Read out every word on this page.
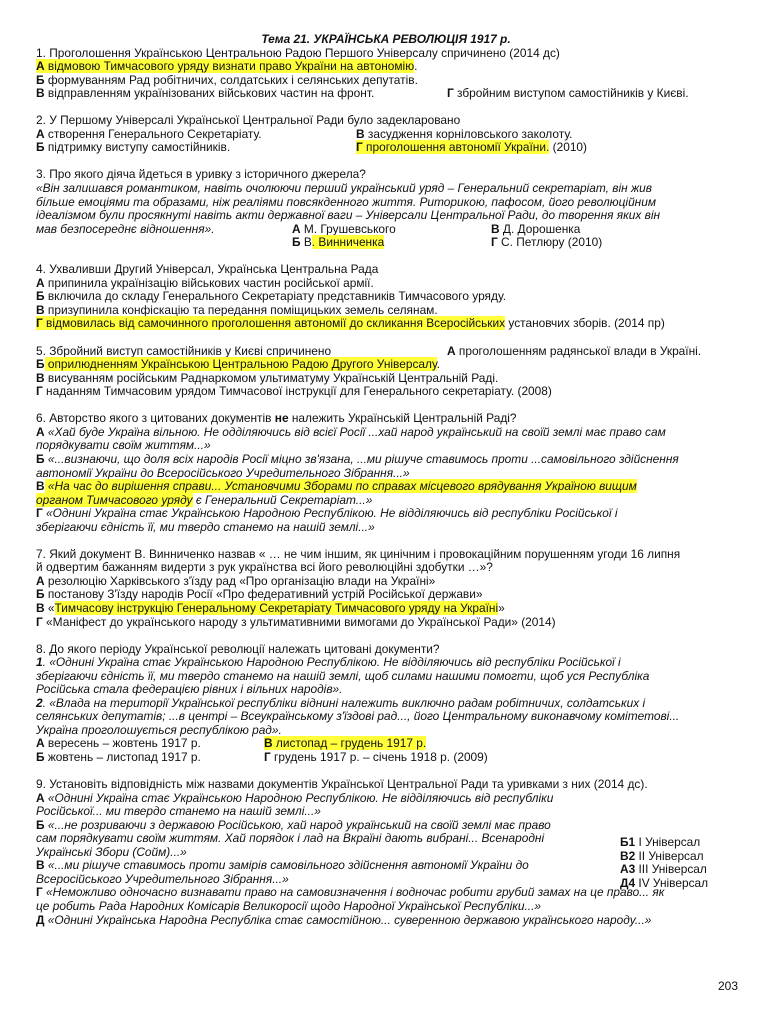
Тема 21. УКРАЇНСЬКА РЕВОЛЮЦІЯ 1917 р.
1. Проголошення Українською Центральною Радою Першого Універсалу спричинено (2014 дс)
А відмовою Тимчасового уряду визнати право України на автономію.
Б формуванням Рад робітничих, солдатських і селянських депутатів.
В відправленням українізованих військових частин на фронт.	Г збройним виступом самостійників у Києві.
2. У Першому Універсалі Української Центральної Ради було задекларовано
А створення Генерального Секретаріату.	В засудження корніловського заколоту.
Б підтримку виступу самостійників.	Г проголошення автономії України. (2010)
3. Про якого діяча йдеться в уривку з історичного джерела?
«Він залишався романтиком, навіть очолюючи перший український уряд – Генеральний секретаріат, він жив
більше емоціями та образами, ніж реаліями повсякденного життя. Риторикою, пафосом, його революційним
ідеалізмом були просякнуті навіть акти державної ваги – Універсали Центральної Ради, до творення яких він
мав безпосереднє відношення».	А М. Грушевського	В Д. Дорошенка
Б В. Винниченка	Г С. Петлюру (2010)
4. Ухваливши Другий Універсал, Українська Центральна Рада
А припинила українізацію військових частин російської армії.
Б включила до складу Генерального Секретаріату представників Тимчасового уряду.
В призупинила конфіскацію та передання поміщицьких земель селянам.
Г відмовилась від самочинного проголошення автономії до скликання Всеросійських установчих зборів. (2014 пр)
5. Збройний виступ самостійників у Києві спричинено	А проголошенням радянської влади в Україні.
Б оприлюдненням Українською Центральною Радою Другого Універсалу.
В висуванням російським Раднаркомом ультиматуму Українській Центральній Раді.
Г наданням Тимчасовим урядом Тимчасової інструкції для Генерального секретаріату. (2008)
6. Авторство якого з цитованих документів не належить Українській Центральній Раді?
А «Хай буде Україна вільною. Не одділяючись від всієї Росії ...хай народ український на своїй землі має право сам
порядкувати своїм життям...»
Б «...визнаючи, що доля всіх народів Росії міцно зв'язана, ...ми рішуче ставимось проти ...самовільного здійснення
автономії України до Всеросійського Учредительного Зібрання...»
В «На час до вирішення справи... Установчими Зборами по справах місцевого врядування Україною вищим
органом Тимчасового уряду є Генеральний Секретаріат...»
Г «Однині Україна стає Українською Народною Республікою. Не відділяючись від республіки Російської і
зберігаючи єдність її, ми твердо станемо на нашій землі...»
7. Який документ В. Винниченко назвав « … не чим іншим, як цинічним і провокаційним порушенням угоди 16 липня
й одвертим бажанням видерти з рук українства всі його революційні здобутки …»?
А резолюцію Харківського з'їзду рад «Про організацію влади на Україні»
Б постанову З'їзду народів Росії «Про федеративний устрій Російської держави»
В «Тимчасову інструкцію Генеральному Секретаріату Тимчасового уряду на Україні»
Г «Маніфест до українського народу з ультимативними вимогами до Української Ради» (2014)
8. До якого періоду Української революції належать цитовані документи?
1. «Однині Україна стає Українською Народною Республікою. Не відділяючись від республіки Російської і
зберігаючи єдність її, ми твердо станемо на нашій землі, щоб силами нашими помогти, щоб уся Республіка
Російська стала федерацією рівних і вільних народів».
2. «Влада на території Української республіки віднині належить виключно радам робітничих, солдатських і
селянських депутатів; ...в центрі – Всеукраїнському з'їздові рад..., його Центральному виконавчому комітетові...
Україна проголошується республікою рад».
А вересень – жовтень 1917 р.	В листопад – грудень 1917 р.
Б жовтень – листопад 1917 р.	Г грудень 1917 р. – січень 1918 р. (2009)
9. Установіть відповідність між назвами документів Української Центральної Ради та уривками з них (2014 дс).
А «Однині Україна стає Українською Народною Республікою. Не відділяючись від республіки
Російської... ми твердо станемо на нашій землі...»
Б «...не розриваючи з державою Російською, хай народ український на своїй землі має право
сам порядкувати своїм життям. Хай порядок і лад на Вкраїні дають вибрані... Всенародні
Українські Збори (Сойм)...»
В «...ми рішуче ставимось проти замірів самовільного здійснення автономії України до
Всеросійського Учредительного Зібрання...»
Г «Неможливо одночасно визнавати право на самовизначення і водночас робити грубий замах на це право... як
це робить Рада Народних Комісарів Великоросії щодо Народної Української Республіки...»
Д «Однині Українська Народна Республіка стає самостійною... суверенною державою українського народу...»
Б1 I Універсал
В2 II Універсал
А3 III Універсал
Д4 IV Універсал
203
